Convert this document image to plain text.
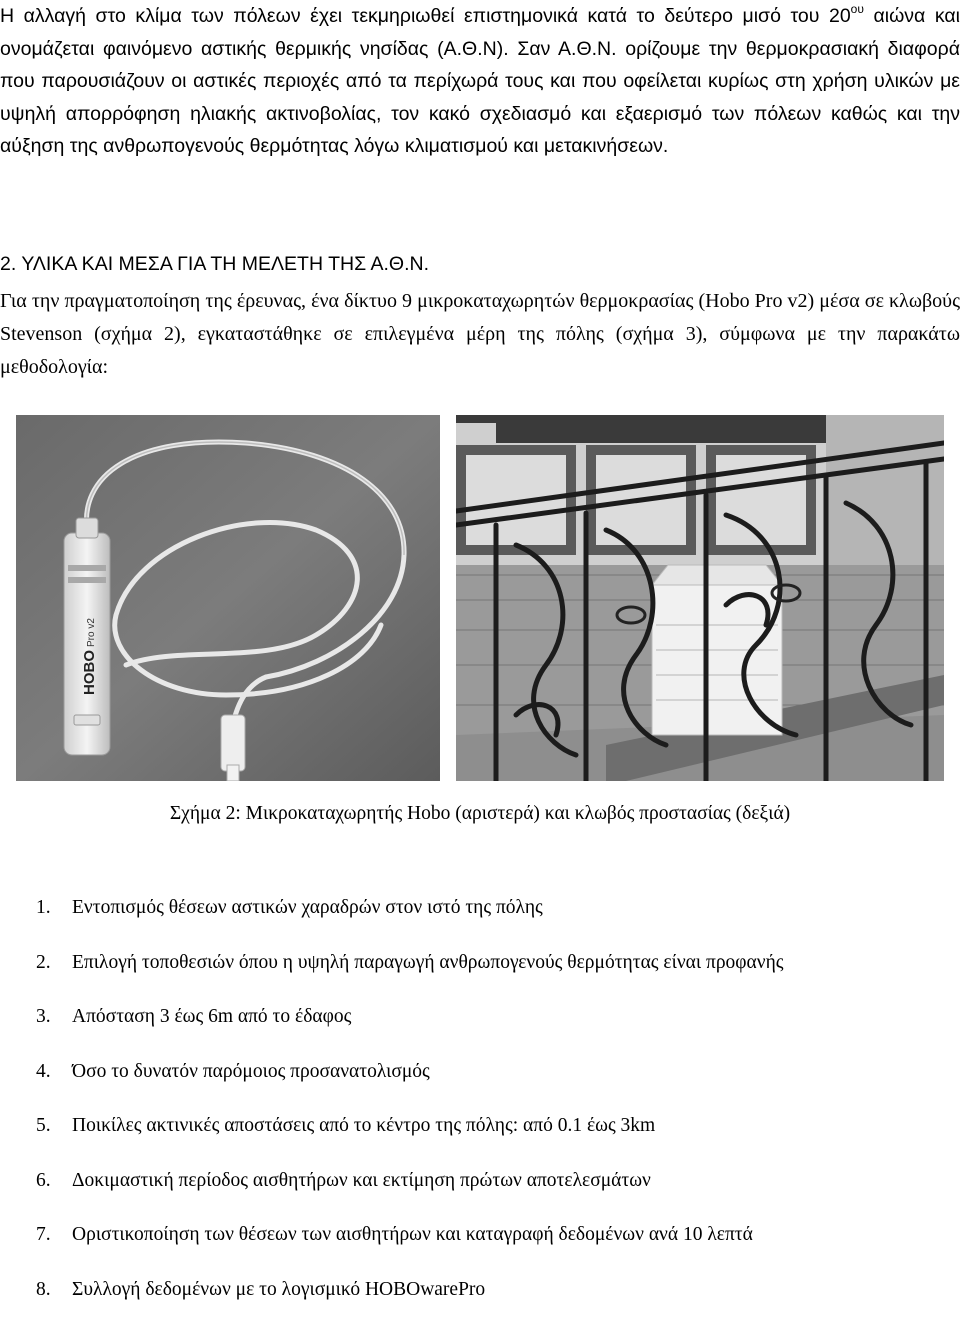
Η αλλαγή στο κλίμα των πόλεων έχει τεκμηριωθεί επιστημονικά κατά το δεύτερο μισό του $20^{o\upsilon}$ αιώνα και ονομάζεται φαινόμενο αστικής θερμικής νησίδας (Α.Θ.Ν). Σαν Α.Θ.Ν. ορίζουμε την θερμοκρασιακή διαφορά που παρουσιάζουν οι αστικές περιοχές από τα περίχωρά τους και που οφείλεται κυρίως στη χρήση υλικών με υψηλή απορρόφηση ηλιακής ακτινοβολίας, τον κακό σχεδιασμό και εξαερισμό των πόλεων καθώς και την αύξηση της ανθρωπογενούς θερμότητας λόγω κλιματισμού και μετακινήσεων.

2. ΥΛΙΚΑ ΚΑΙ ΜΕΣΑ ΓΙΑ ΤΗ ΜΕΛΕΤΗ ΤΗΣ Α.Θ.Ν.

Για την πραγματοποίηση της έρευνας, ένα δίκτυο 9 μικροκαταχωρητών θερμοκρασίας (Hobo Pro v2) μέσα σε κλωβούς Stevenson (σχήμα 2), εγκαταστάθηκε σε επιλεγμένα μέρη της πόλης (σχήμα 3), σύμφωνα με την παρακάτω μεθοδολογία:

HOBO
Pro v2

Σχήμα 2: Μικροκαταχωρητής Hobo (αριστερά) και κλωβός προστασίας (δεξιά)

1. Εντοπισμός θέσεων αστικών χαραδρών στον ιστό της πόλης
2. Επιλογή τοποθεσιών όπου η υψηλή παραγωγή ανθρωπογενούς θερμότητας είναι προφανής
3. Απόσταση 3 έως 6m από το έδαφος
4. Όσο το δυνατόν παρόμοιος προσανατολισμός
5. Ποικίλες ακτινικές αποστάσεις από το κέντρο της πόλης: από 0.1 έως 3km
6. Δοκιμαστική περίοδος αισθητήρων και εκτίμηση πρώτων αποτελεσμάτων
7. Οριστικοποίηση των θέσεων των αισθητήρων και καταγραφή δεδομένων ανά 10 λεπτά
8. Συλλογή δεδομένων με το λογισμικό HOBOwarePro
